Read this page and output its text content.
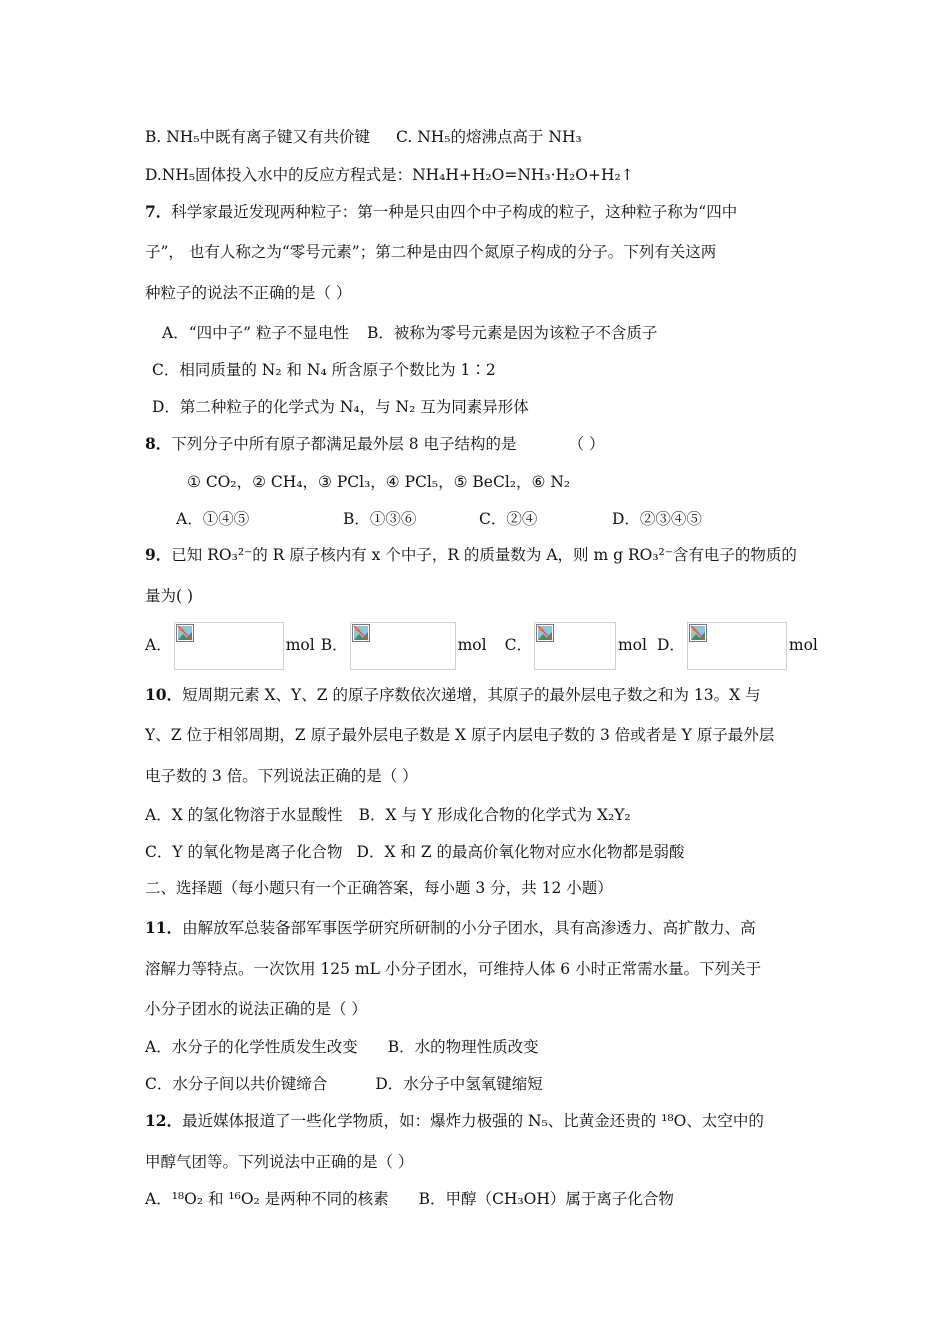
B. NH₅中既有离子键又有共价键 C. NH₅的熔沸点高于 NH₃
D.NH₅固体投入水中的反应方程式是：NH₄H+H₂O=NH₃·H₂O+H₂↑
7．科学家最近发现两种粒子：第一种是只由四个中子构成的粒子，这种粒子称为“四中
子”， 也有人称之为“零号元素”；第二种是由四个氮原子构成的分子。下列有关这两
种粒子的说法不正确的是（ ）
A．“四中子” 粒子不显电性 B．被称为零号元素是因为该粒子不含质子
C．相同质量的 N₂ 和 N₄ 所含原子个数比为 1∶2
D．第二种粒子的化学式为 N₄，与 N₂ 互为同素异形体
8．下列分子中所有原子都满足最外层 8 电子结构的是	（ ）
① CO₂，② CH₄，③ PCl₃，④ PCl₅，⑤ BeCl₂，⑥ N₂
A．①④⑤	B．①③⑥	C．②④	D．②③④⑤
9．已知 RO₃²⁻的 R 原子核内有 x 个中子，R 的质量数为 A，则 m g RO₃²⁻含有电子的物质的
量为( )
A．	mol B．	mol C．	mol D．	mol
10．短周期元素 X、Y、Z 的原子序数依次递增，其原子的最外层电子数之和为 13。X 与
Y、Z 位于相邻周期，Z 原子最外层电子数是 X 原子内层电子数的 3 倍或者是 Y 原子最外层
电子数的 3 倍。下列说法正确的是（ ）
A．X 的氢化物溶于水显酸性 B．X 与 Y 形成化合物的化学式为 X₂Y₂
C．Y 的氧化物是离子化合物 D．X 和 Z 的最高价氧化物对应水化物都是弱酸
二、选择题（每小题只有一个正确答案，每小题 3 分，共 12 小题）
11．由解放军总装备部军事医学研究所研制的小分子团水，具有高渗透力、高扩散力、高
溶解力等特点。一次饮用 125 mL 小分子团水，可维持人体 6 小时正常需水量。下列关于
小分子团水的说法正确的是（ ）
A．水分子的化学性质发生改变 B．水的物理性质改变
C．水分子间以共价键缔合	D．水分子中氢氧键缩短
12．最近媒体报道了一些化学物质，如：爆炸力极强的 N₅、比黄金还贵的 ¹⁸O、太空中的
甲醇气团等。下列说法中正确的是（ ）
A．¹⁸O₂ 和 ¹⁶O₂ 是两种不同的核素 B．甲醇（CH₃OH）属于离子化合物
